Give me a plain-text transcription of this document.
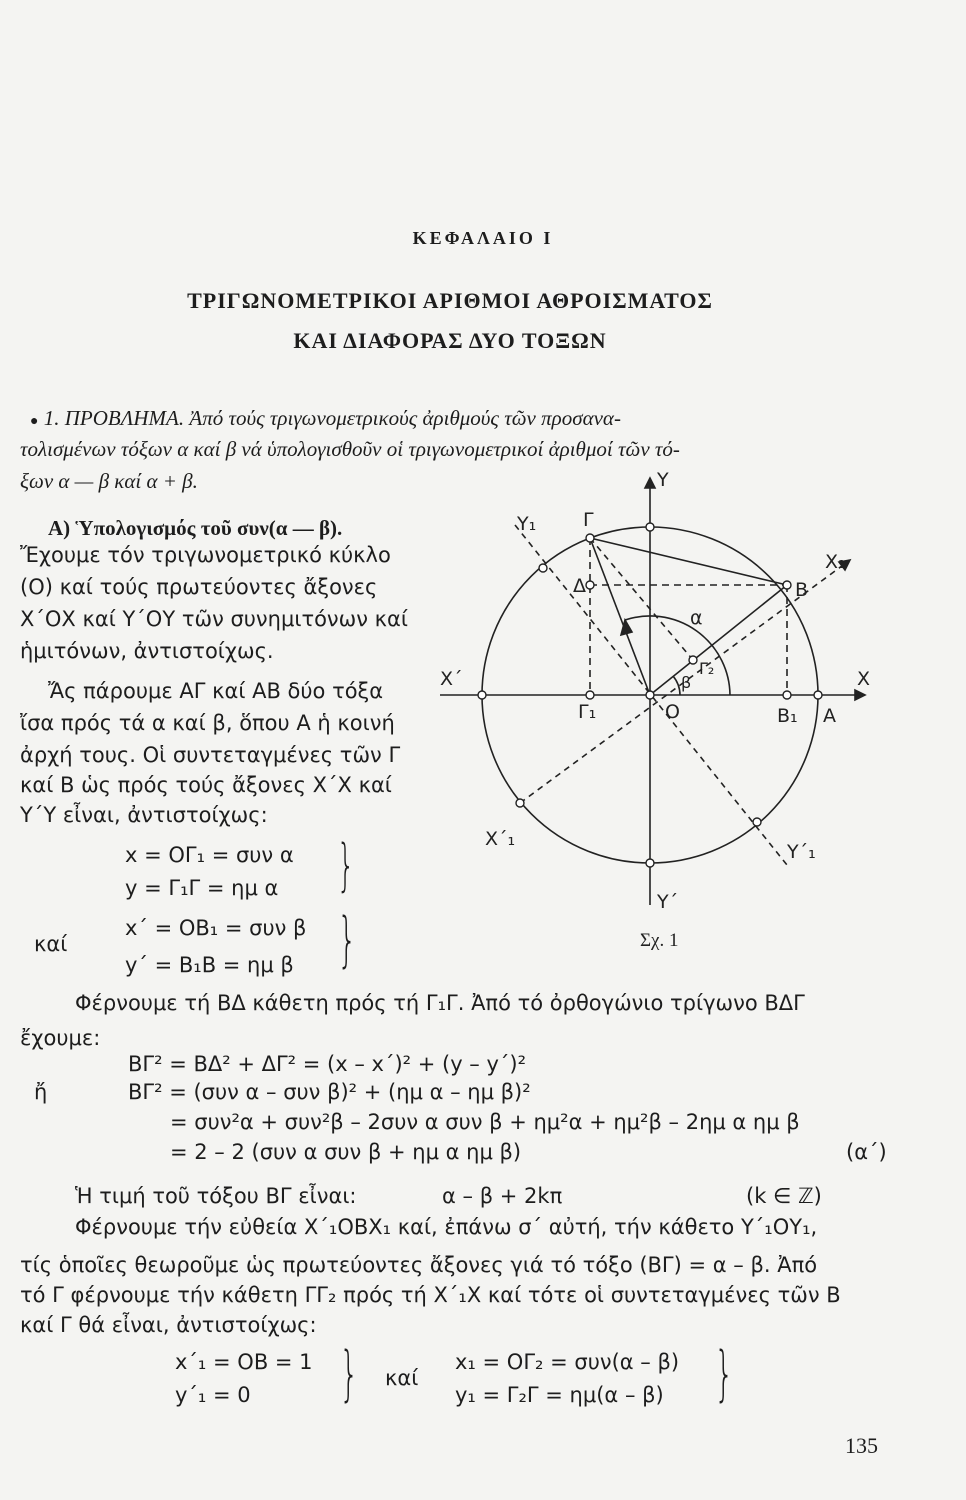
ΚΕΦΑΛΑΙΟ Ι
ΤΡΙΓΩΝΟΜΕΤΡΙΚΟΙ ΑΡΙΘΜΟΙ ΑΘΡΟΙΣΜΑΤΟΣ
ΚΑΙ ΔΙΑΦΟΡΑΣ ΔΥΟ ΤΟΞΩΝ
● 1. ΠΡΟΒΛΗΜΑ. Ἀπό τούς τριγωνομετρικούς ἀριθμούς τῶν προσανα-
τολισμένων τόξων α καί β νά ὑπολογισθοῦν οἱ τριγωνομετρικοί ἀριθμοί τῶν τό-
ξων α — β καί α + β.
Α) Ὑπολογισμός τοῦ συν(α — β).
Ἔχουμε τόν τριγωνομετρικό κύκλο
(Ο) καί τούς πρωτεύοντες ἄξονες
Χ΄ΟΧ καί Υ΄ΟΥ τῶν συνημιτόνων καί
ἡμιτόνων, ἀντιστοίχως.
Ἄς πάρουμε ΑΓ καί ΑΒ δύο τόξα
ἴσα πρός τά α καί β, ὅπου Α ἡ κοινή
ἀρχή τους. Οἱ συντεταγμένες τῶν Γ
καί Β ὡς πρός τούς ἄξονες Χ΄Χ καί
Υ΄Υ εἶναι, ἀντιστοίχως:
x = ΟΓ₁ = συν α
y = Γ₁Γ = ημ α }
καί
x΄ = ΟΒ₁ = συν β
y΄ = Β₁Β = ημ β }
Y
Y₁ Γ
X₁
Δ	B
α
Γ₂
β
X΄	X
Γ₁	O	B₁ A
X΄₁
Y΄₁
Y΄
Σχ. 1
Φέρνουμε τή ΒΔ κάθετη πρός τή Γ₁Γ. Ἀπό τό ὀρθογώνιο τρίγωνο ΒΔΓ
ἔχουμε:
ΒΓ² = ΒΔ² + ΔΓ² = (x – x΄)² + (y – y΄)²
ἤ	ΒΓ² = (συν α – συν β)² + (ημ α – ημ β)²
= συν²α + συν²β – 2συν α συν β + ημ²α + ημ²β – 2ημ α ημ β
= 2 – 2 (συν α συν β + ημ α ημ β)	(α΄)
Ἡ τιμή τοῦ τόξου ΒΓ εἶναι:	α – β + 2kπ	(k ∈ ℤ)
Φέρνουμε τήν εὐθεία Χ΄₁ΟΒΧ₁ καί, ἐπάνω σ΄ αὐτή, τήν κάθετο Υ΄₁ΟΥ₁,
τίς ὁποῖες θεωροῦμε ὡς πρωτεύοντες ἄξονες γιά τό τόξο (ΒΓ) = α – β. Ἀπό
τό Γ φέρνουμε τήν κάθετη ΓΓ₂ πρός τή Χ΄₁Χ καί τότε οἱ συντεταγμένες τῶν Β
καί Γ θά εἶναι, ἀντιστοίχως:
x΄₁ = ΟΒ = 1
y΄₁ = 0 } καί
x₁ = ΟΓ₂ = συν(α – β)
y₁ = Γ₂Γ = ημ(α – β) }
135
